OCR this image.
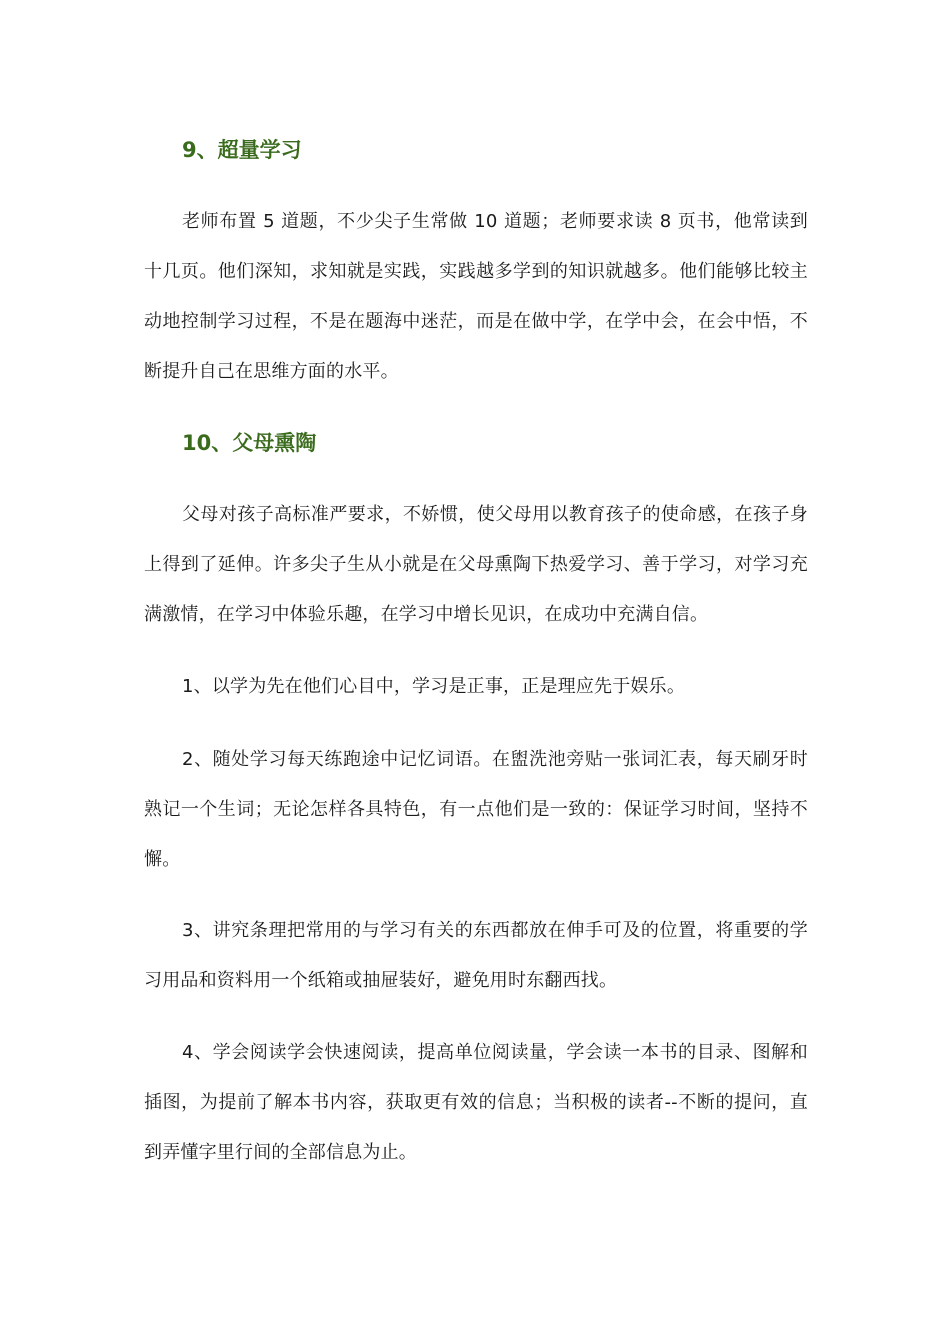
9、超量学习

老师布置 5 道题，不少尖子生常做 10 道题；老师要求读 8 页书，他常读到十几页。他们深知，求知就是实践，实践越多学到的知识就越多。他们能够比较主动地控制学习过程，不是在题海中迷茫，而是在做中学，在学中会，在会中悟，不断提升自己在思维方面的水平。

10、父母熏陶

父母对孩子高标准严要求，不娇惯，使父母用以教育孩子的使命感，在孩子身上得到了延伸。许多尖子生从小就是在父母熏陶下热爱学习、善于学习，对学习充满激情，在学习中体验乐趣，在学习中增长见识，在成功中充满自信。

1、以学为先在他们心目中，学习是正事，正是理应先于娱乐。

2、随处学习每天练跑途中记忆词语。在盥洗池旁贴一张词汇表，每天刷牙时熟记一个生词；无论怎样各具特色，有一点他们是一致的：保证学习时间，坚持不懈。

3、讲究条理把常用的与学习有关的东西都放在伸手可及的位置，将重要的学习用品和资料用一个纸箱或抽屉装好，避免用时东翻西找。

4、学会阅读学会快速阅读，提高单位阅读量，学会读一本书的目录、图解和插图，为提前了解本书内容，获取更有效的信息；当积极的读者--不断的提问，直到弄懂字里行间的全部信息为止。
